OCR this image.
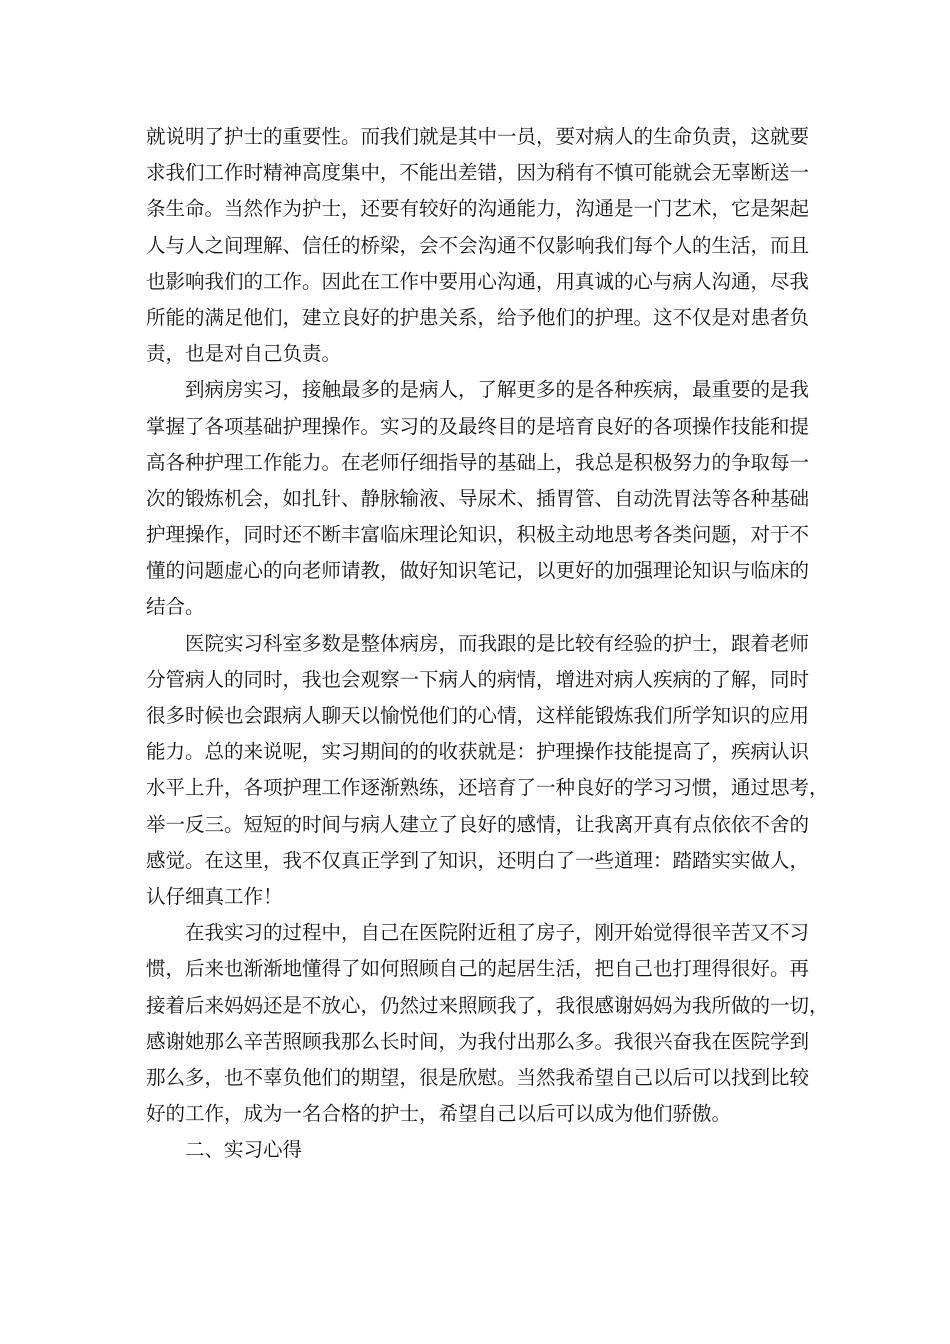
就说明了护士的重要性。而我们就是其中一员，要对病人的生命负责，这就要
求我们工作时精神高度集中，不能出差错，因为稍有不慎可能就会无辜断送一
条生命。当然作为护士，还要有较好的沟通能力，沟通是一门艺术，它是架起
人与人之间理解、信任的桥梁，会不会沟通不仅影响我们每个人的生活，而且
也影响我们的工作。因此在工作中要用心沟通，用真诚的心与病人沟通，尽我
所能的满足他们，建立良好的护患关系，给予他们的护理。这不仅是对患者负
责，也是对自己负责。
到病房实习，接触最多的是病人，了解更多的是各种疾病，最重要的是我
掌握了各项基础护理操作。实习的及最终目的是培育良好的各项操作技能和提
高各种护理工作能力。在老师仔细指导的基础上，我总是积极努力的争取每一
次的锻炼机会，如扎针、静脉输液、导尿术、插胃管、自动洗胃法等各种基础
护理操作，同时还不断丰富临床理论知识，积极主动地思考各类问题，对于不
懂的问题虚心的向老师请教，做好知识笔记，以更好的加强理论知识与临床的
结合。
医院实习科室多数是整体病房，而我跟的是比较有经验的护士，跟着老师
分管病人的同时，我也会观察一下病人的病情，增进对病人疾病的了解，同时
很多时候也会跟病人聊天以愉悦他们的心情，这样能锻炼我们所学知识的应用
能力。总的来说呢，实习期间的的收获就是：护理操作技能提高了，疾病认识
水平上升，各项护理工作逐渐熟练，还培育了一种良好的学习习惯，通过思考，
举一反三。短短的时间与病人建立了良好的感情，让我离开真有点依依不舍的
感觉。在这里，我不仅真正学到了知识，还明白了一些道理：踏踏实实做人，
认仔细真工作！
在我实习的过程中，自己在医院附近租了房子，刚开始觉得很辛苦又不习
惯，后来也渐渐地懂得了如何照顾自己的起居生活，把自己也打理得很好。再
接着后来妈妈还是不放心，仍然过来照顾我了，我很感谢妈妈为我所做的一切，
感谢她那么辛苦照顾我那么长时间，为我付出那么多。我很兴奋我在医院学到
那么多，也不辜负他们的期望，很是欣慰。当然我希望自己以后可以找到比较
好的工作，成为一名合格的护士，希望自己以后可以成为他们骄傲。
二、实习心得
